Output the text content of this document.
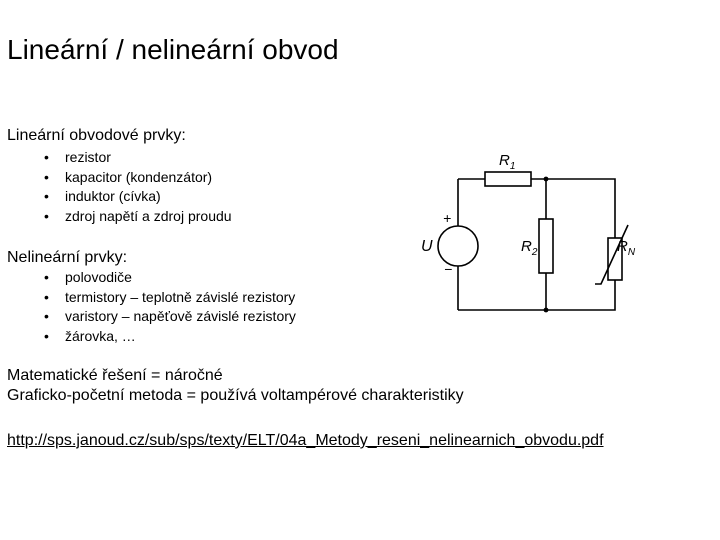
Lineární / nelineární obvod
Lineární obvodové prvky:
• rezistor
• kapacitor (kondenzátor)
• induktor (cívka)
• zdroj napětí a zdroj proudu
Nelineární prvky:
• polovodiče
• termistory – teplotně závislé rezistory
• varistory – napěťově závislé rezistory
• žárovka, …
$R_1$
$R_2$	$R_N$
U
+
−
Matematické řešení = náročné
Graficko-početní metoda = používá voltampérové charakteristiky
http://sps.janoud.cz/sub/sps/texty/ELT/04a_Metody_reseni_nelinearnich_obvodu.pdf
